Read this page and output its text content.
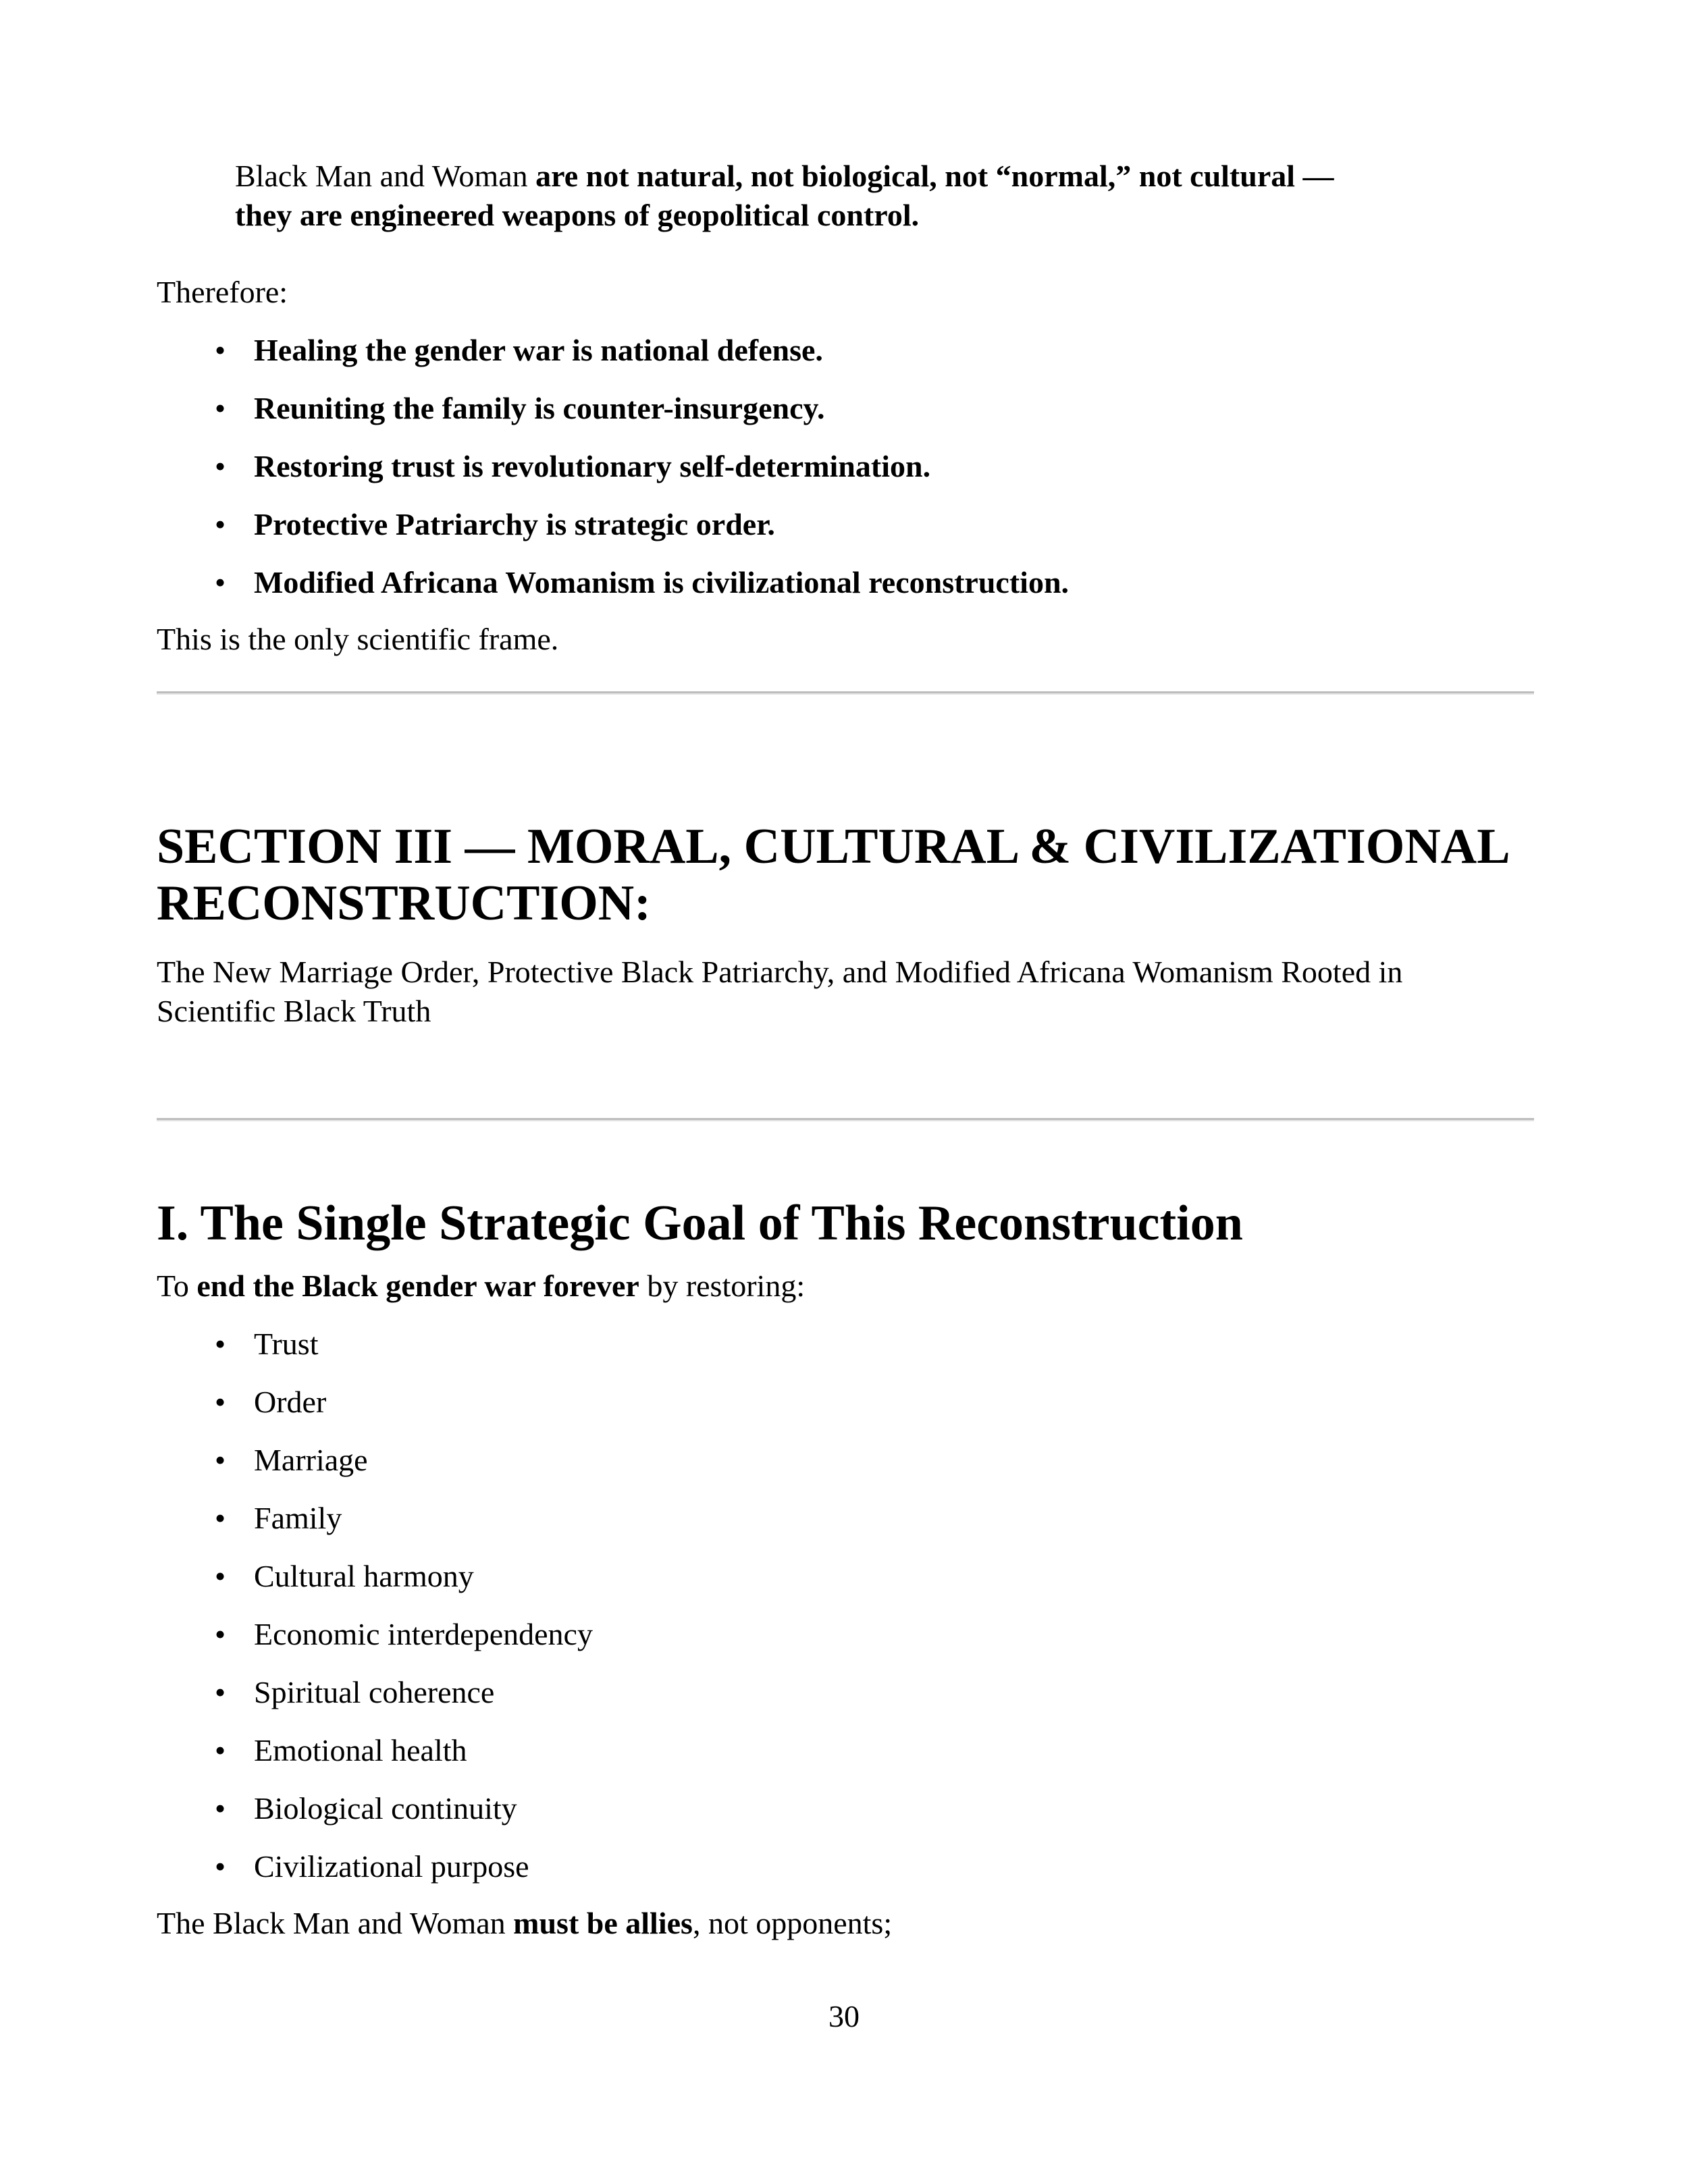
Black Man and Woman are not natural, not biological, not “normal,” not cultural —
they are engineered weapons of geopolitical control.
Therefore:
• Healing the gender war is national defense.
• Reuniting the family is counter-insurgency.
• Restoring trust is revolutionary self-determination.
• Protective Patriarchy is strategic order.
• Modified Africana Womanism is civilizational reconstruction.
This is the only scientific frame.
SECTION III — MORAL, CULTURAL & CIVILIZATIONAL
RECONSTRUCTION:
The New Marriage Order, Protective Black Patriarchy, and Modified Africana Womanism Rooted in
Scientific Black Truth
I. The Single Strategic Goal of This Reconstruction
To end the Black gender war forever by restoring:
• Trust
• Order
• Marriage
• Family
• Cultural harmony
• Economic interdependency
• Spiritual coherence
• Emotional health
• Biological continuity
• Civilizational purpose
The Black Man and Woman must be allies, not opponents;
30
